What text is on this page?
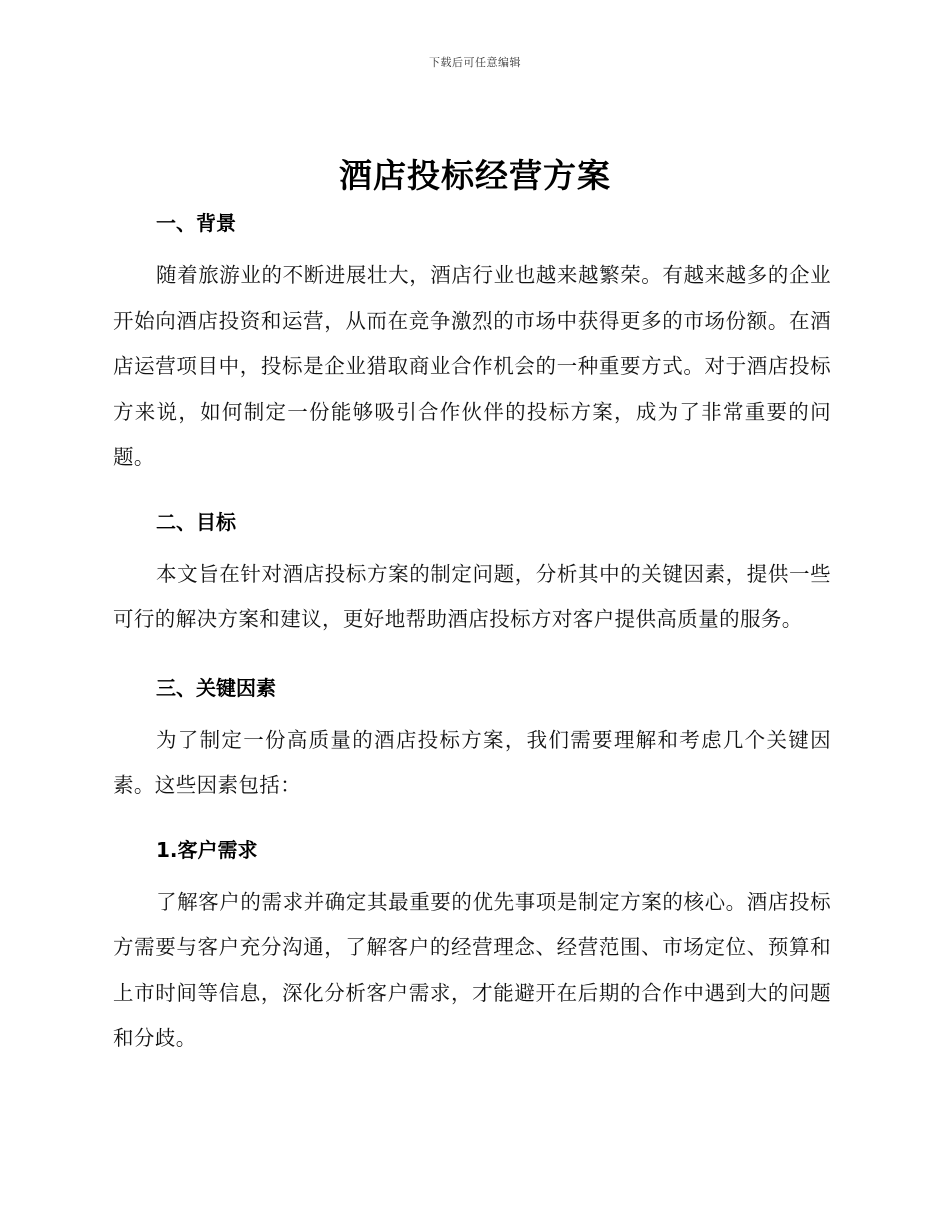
下载后可任意编辑
酒店投标经营方案
一、背景

随着旅游业的不断进展壮大，酒店行业也越来越繁荣。有越来越多的企业开始向酒店投资和运营，从而在竞争激烈的市场中获得更多的市场份额。在酒店运营项目中，投标是企业猎取商业合作机会的一种重要方式。对于酒店投标方来说，如何制定一份能够吸引合作伙伴的投标方案，成为了非常重要的问题。

二、目标

本文旨在针对酒店投标方案的制定问题，分析其中的关键因素，提供一些可行的解决方案和建议，更好地帮助酒店投标方对客户提供高质量的服务。

三、关键因素

为了制定一份高质量的酒店投标方案，我们需要理解和考虑几个关键因素。这些因素包括：

1.客户需求

了解客户的需求并确定其最重要的优先事项是制定方案的核心。酒店投标方需要与客户充分沟通，了解客户的经营理念、经营范围、市场定位、预算和上市时间等信息，深化分析客户需求，才能避开在后期的合作中遇到大的问题和分歧。
